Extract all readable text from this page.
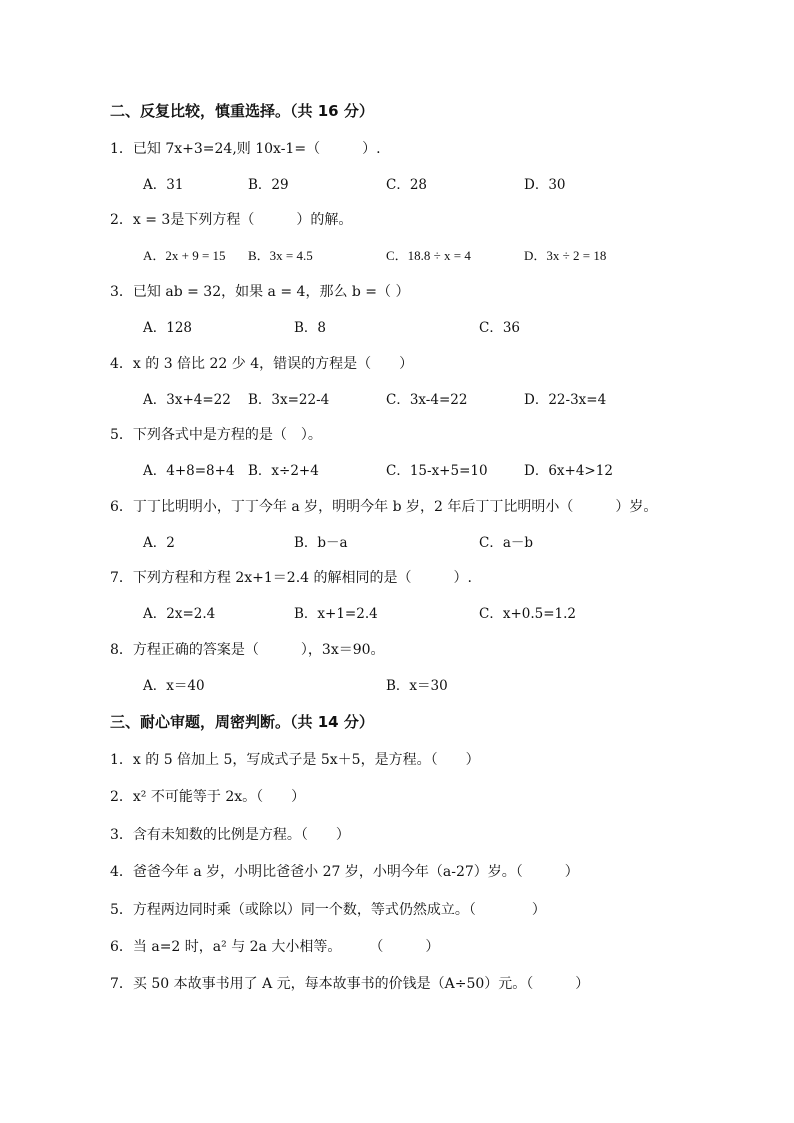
二、反复比较，慎重选择。（共 16 分）
1．已知 7x+3=24,则 10x-1=（　　　）.
A．31	B．29	C．28	D．30
2．x = 3是下列方程（　　　）的解。
A．2x + 9 = 15 B．3x = 4.5	C．18.8 ÷ x = 4	D．3x ÷ 2 = 18
3．已知 ab = 32，如果 a = 4，那么 b =（ ）
A．128	B．8	C．36
4．x 的 3 倍比 22 少 4，错误的方程是（　　）
A．3x+4=22 B．3x=22-4	C．3x-4=22	D．22-3x=4
5．下列各式中是方程的是（　）。
A．4+8=8+4 B．x÷2+4	C．15-x+5=10	D．6x+4>12
6．丁丁比明明小，丁丁今年 a 岁，明明今年 b 岁，2 年后丁丁比明明小（　　　）岁。
A．2	B．b－a	C．a－b
7．下列方程和方程 2x+1＝2.4 的解相同的是（　　　）.
A．2x=2.4	B．x+1=2.4	C．x+0.5=1.2
8．方程正确的答案是（　　　），3x＝90。
A．x＝40	B．x＝30
三、耐心审题，周密判断。（共 14 分）
1．x 的 5 倍加上 5，写成式子是 5x＋5，是方程。（　　）
2．x² 不可能等于 2x。（　　）
3．含有未知数的比例是方程。（　　）
4．爸爸今年 a 岁，小明比爸爸小 27 岁，小明今年（a-27）岁。（　　　）
5．方程两边同时乘（或除以）同一个数，等式仍然成立。（　　　　）
6．当 a=2 时，a² 与 2a 大小相等。　　　（　　　）
7．买 50 本故事书用了 A 元，每本故事书的价钱是（A÷50）元。（　　　）
